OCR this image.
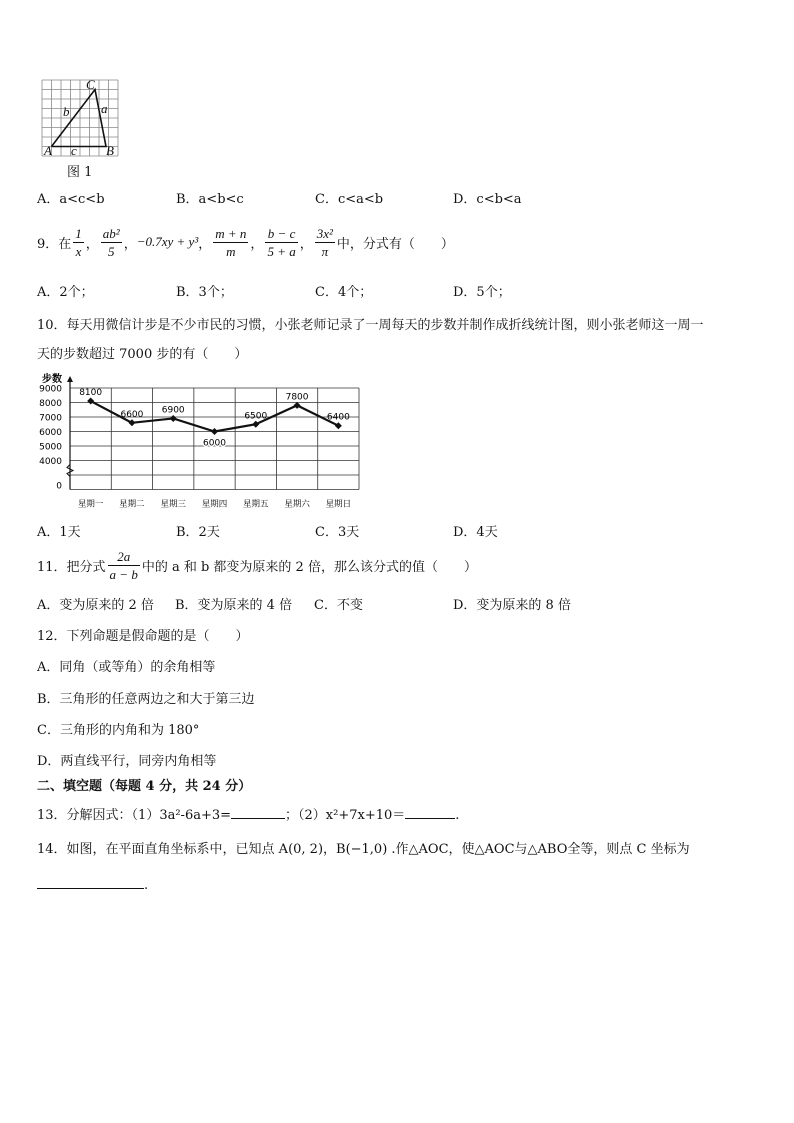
C
b a
A c B
图 1
A．a<c<b	B．a<b<c	C．c<a<b	D．c<b<a
9．在 $\frac{1}{x}$ ， $\frac{\text{ab²}}{5}$ ， −0.7xy + y³ ， $\frac{m + n}{m}$ ， $\frac{b - c}{5 + a}$ ， $\frac{\text{3x²}}{\pi}$ 中，分式有（　　）
A．2个；	B．3个；	C．4个；	D．5个；
10．每天用微信计步是不少市民的习惯，小张老师记录了一周每天的步数并制作成折线统计图，则小张老师这一周一
天的步数超过 7000 步的有（　　）
步数
9000
8000
7000
6000
5000
4000
0
星期一 星期二 星期三 星期四 星期五 星期六 星期日
8100
6600 6900
6000
6500
7800
6400
A．1天	B．2天	C．3天	D．4天
11．把分式 $\frac{2a}{a - b}$ 中的 a 和 b 都变为原来的 2 倍，那么该分式的值（　　）
A．变为原来的 2 倍 B．变为原来的 4 倍 C．不变	D．变为原来的 8 倍
12．下列命题是假命题的是（　　）
A．同角（或等角）的余角相等
B．三角形的任意两边之和大于第三边
C．三角形的内角和为 180°
D．两直线平行，同旁内角相等
二、填空题（每题 4 分，共 24 分）
13．分解因式：（1）3a²-6a+3=	；（2）x²+7x+10＝	.
14．如图，在平面直角坐标系中，已知点 A(0, 2)，B(−1,0) .作△AOC，使△AOC与△ABO全等，则点 C 坐标为
.
